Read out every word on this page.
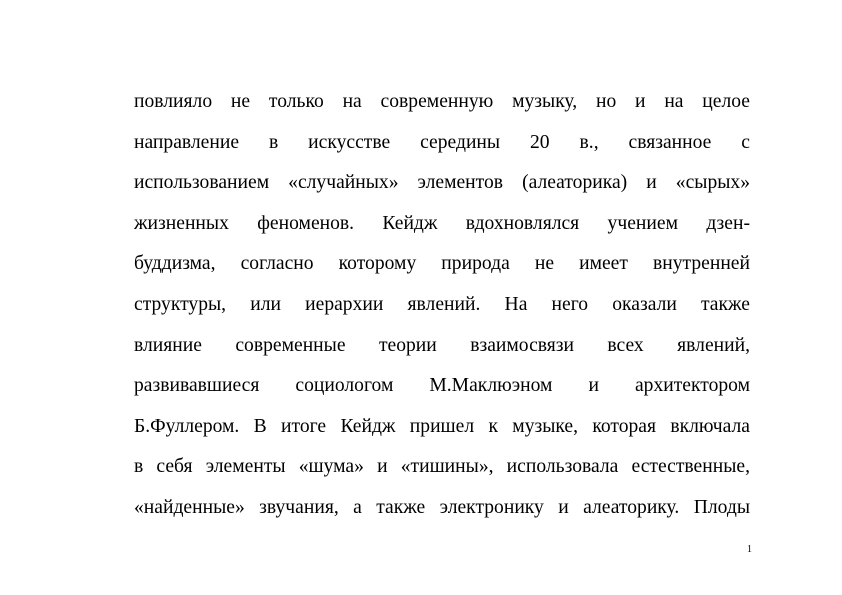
повлияло не только на современную музыку, но и на целое
направление в искусстве середины 20 в., связанное с
использованием «случайных» элементов (алеаторика) и «сырых»
жизненных феноменов. Кейдж вдохновлялся учением дзен-
буддизма, согласно которому природа не имеет внутренней
структуры, или иерархии явлений. На него оказали также
влияние современные теории взаимосвязи всех явлений,
развивавшиеся социологом М.Маклюэном и архитектором
Б.Фуллером. В итоге Кейдж пришел к музыке, которая включала
в себя элементы «шума» и «тишины», использовала естественные,
«найденные» звучания, а также электронику и алеаторику. Плоды
1
